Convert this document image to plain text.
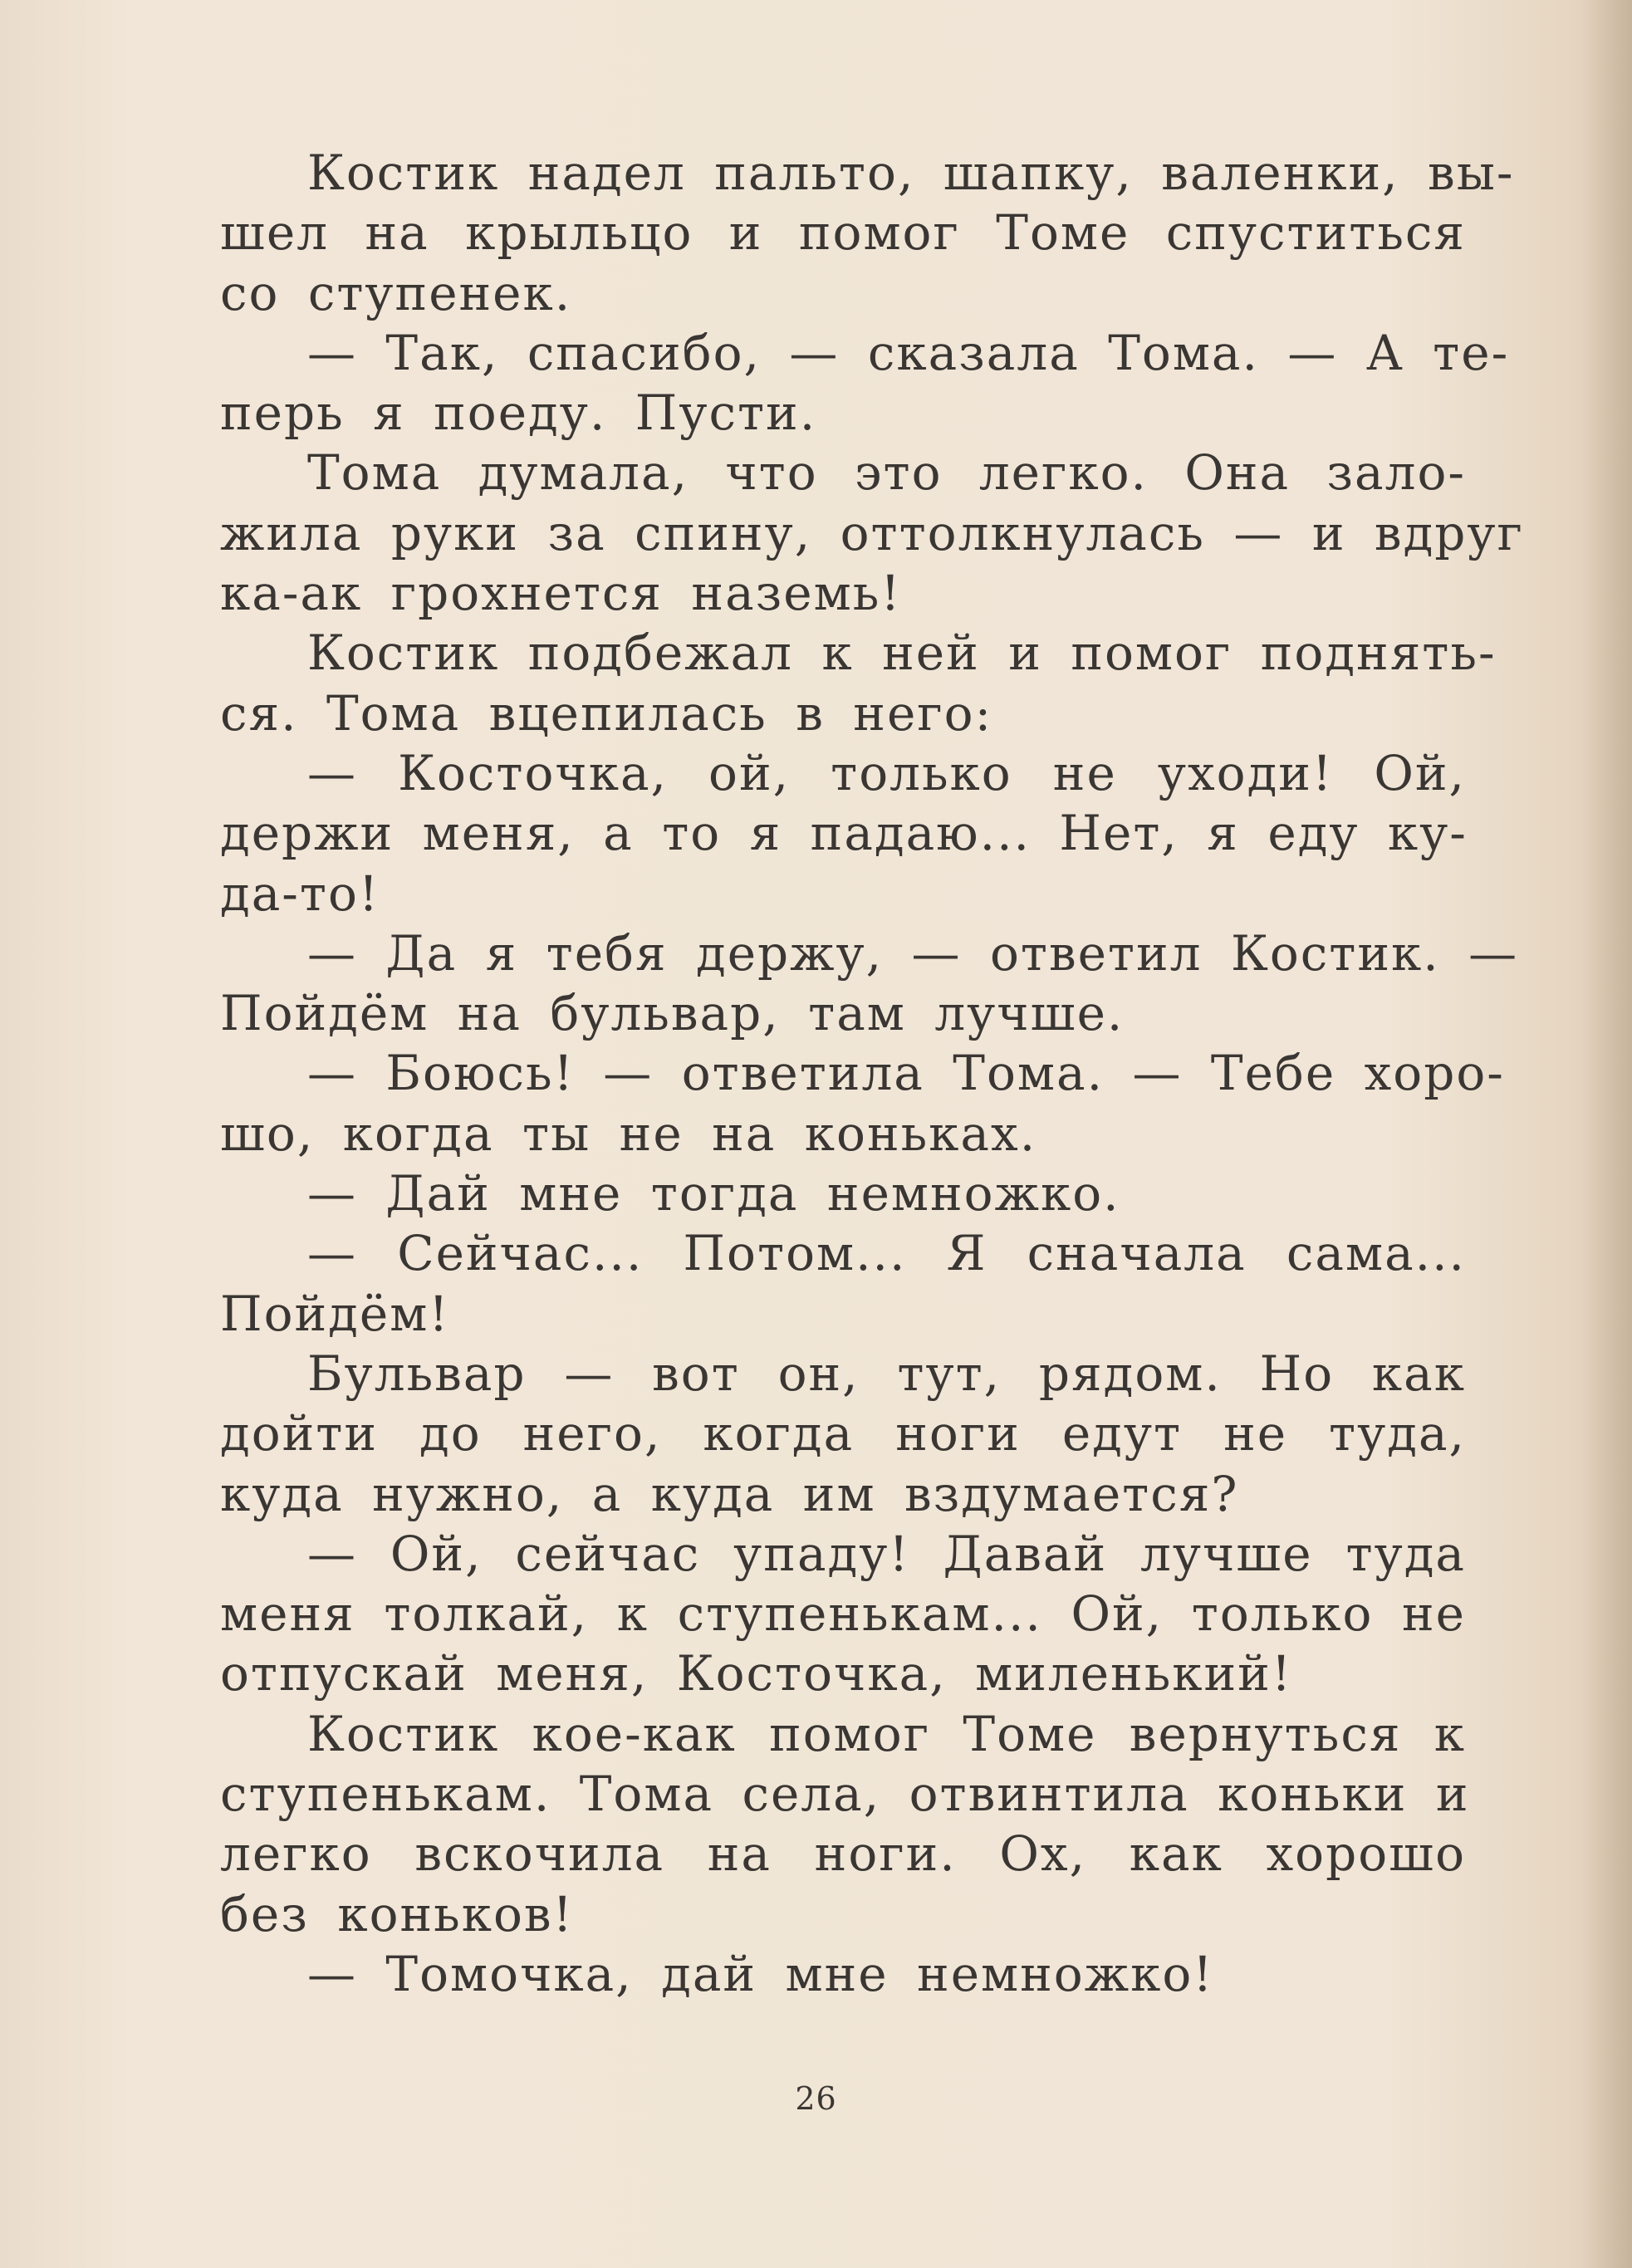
Костик надел пальто, шапку, валенки, вы-
шел на крыльцо и помог Томе спуститься
со ступенек.
— Так, спасибо, — сказала Тома. — А те-
перь я поеду. Пусти.
Тома думала, что это легко. Она зало-
жила руки за спину, оттолкнулась — и вдруг
ка-ак грохнется наземь!
Костик подбежал к ней и помог поднять-
ся. Тома вцепилась в него:
— Косточка, ой, только не уходи! Ой,
держи меня, а то я падаю... Нет, я еду ку-
да-то!
— Да я тебя держу, — ответил Костик. —
Пойдём на бульвар, там лучше.
— Боюсь! — ответила Тома. — Тебе хоро-
шо, когда ты не на коньках.
— Дай мне тогда немножко.
— Сейчас... Потом... Я сначала сама...
Пойдём!
Бульвар — вот он, тут, рядом. Но как
дойти до него, когда ноги едут не туда,
куда нужно, а куда им вздумается?
— Ой, сейчас упаду! Давай лучше туда
меня толкай, к ступенькам... Ой, только не
отпускай меня, Косточка, миленький!
Костик кое-как помог Томе вернуться к
ступенькам. Тома села, отвинтила коньки и
легко вскочила на ноги. Ох, как хорошо
без коньков!
— Томочка, дай мне немножко!
26
